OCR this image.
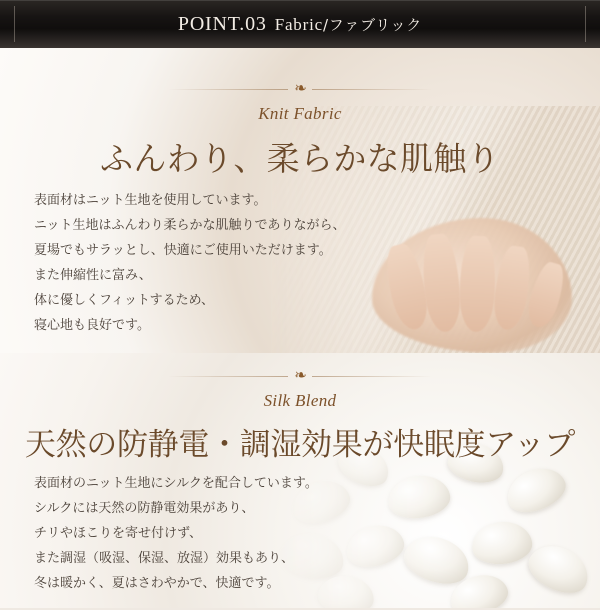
POINT.03 Fabric/ファブリック
❧
Knit Fabric
ふんわり、柔らかな肌触り
表面材はニット生地を使用しています。
ニット生地はふんわり柔らかな肌触りでありながら、
夏場でもサラッとし、快適にご使用いただけます。
また伸縮性に富み、
体に優しくフィットするため、
寝心地も良好です。
❧
Silk Blend
天然の防静電・調湿効果が快眠度アップ
表面材のニット生地にシルクを配合しています。
シルクには天然の防静電効果があり、
チリやほこりを寄せ付けず、
また調湿（吸湿、保湿、放湿）効果もあり、
冬は暖かく、夏はさわやかで、快適です。
